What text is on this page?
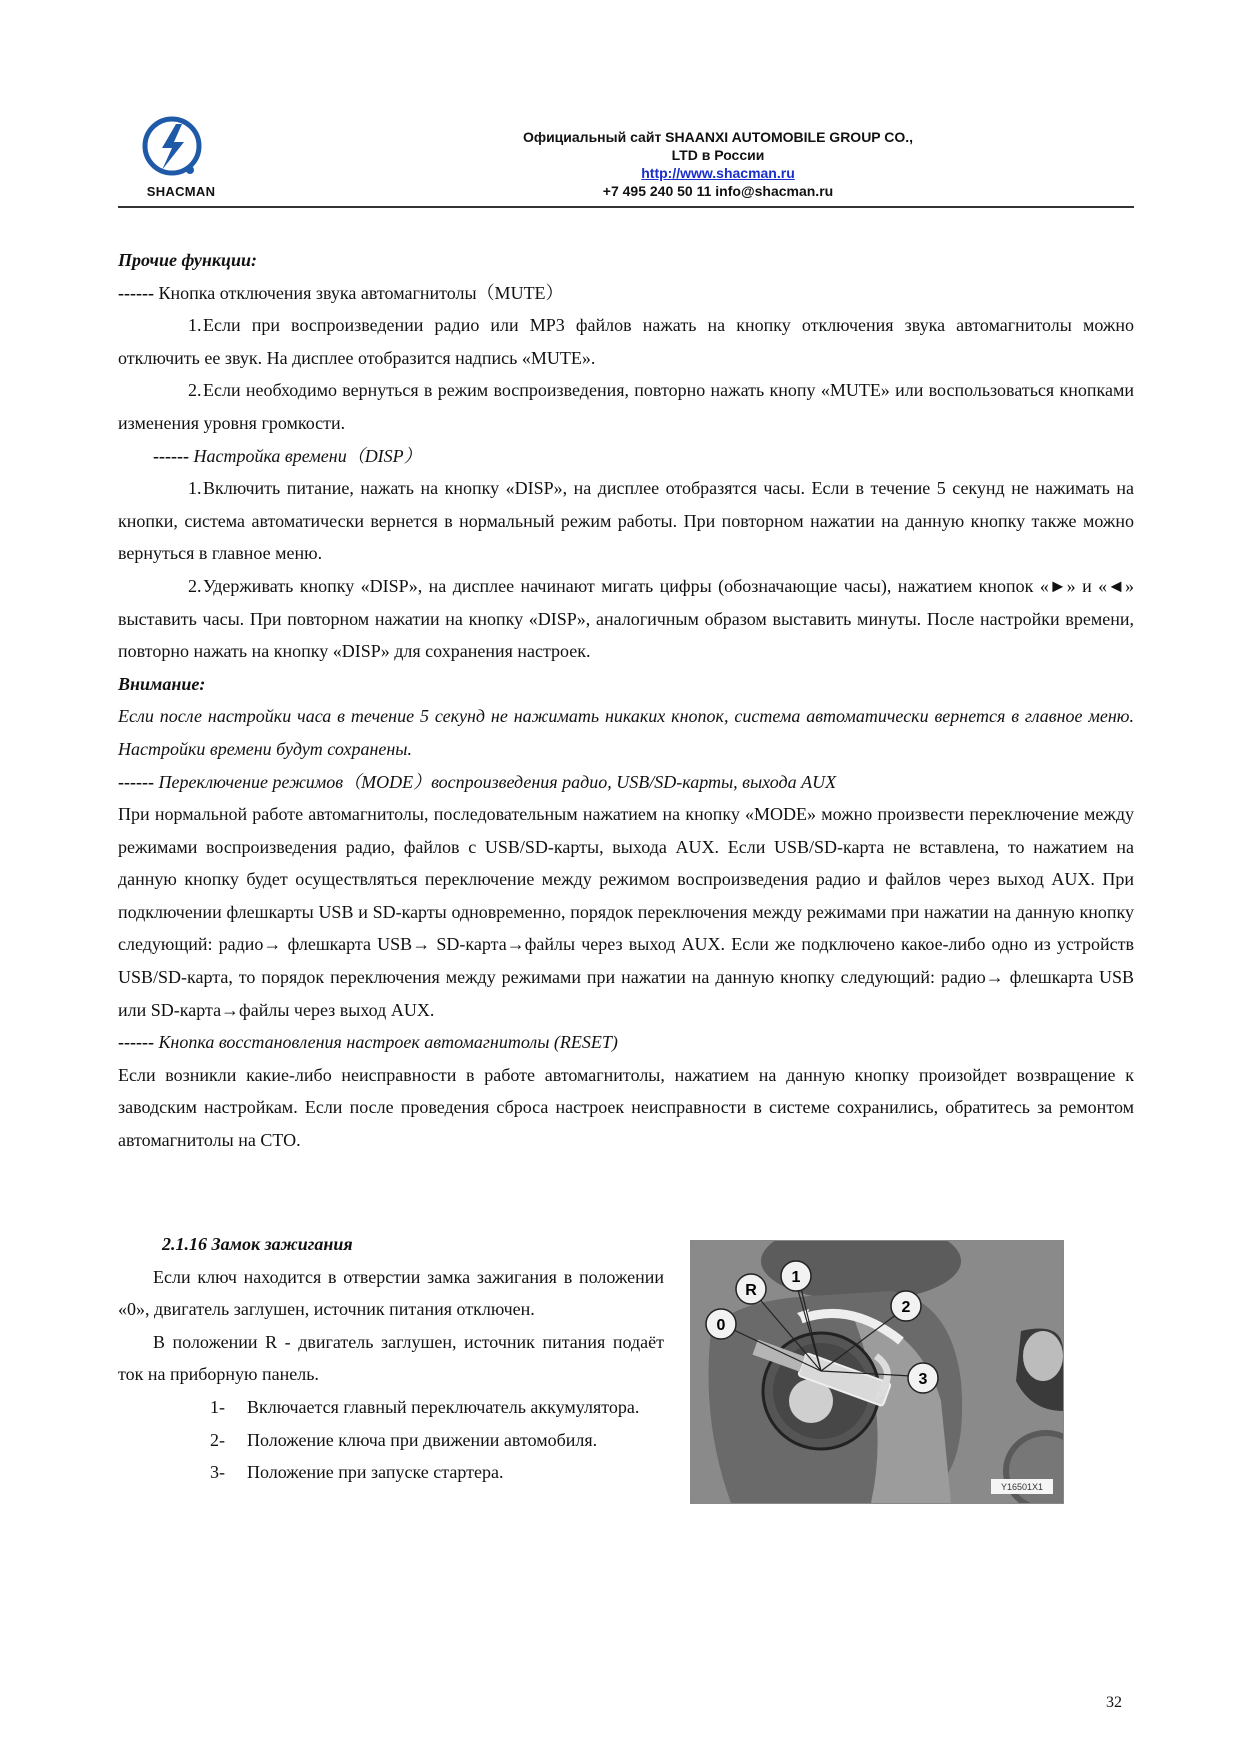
SHACMAN
Официальный сайт SHAANXI AUTOMOBILE GROUP CO.,
LTD в России
http://www.shacman.ru
+7 495 240 50 11 info@shacman.ru

Прочие функции:

------ Кнопка отключения звука автомагнитолы（MUTE）

1.Если при воспроизведении радио или MP3 файлов нажать на кнопку отключения звука автомагнитолы можно отключить ее звук. На дисплее отобразится надпись «MUTE».

2.Если необходимо вернуться в режим воспроизведения, повторно нажать кнопу «MUTE» или воспользоваться кнопками изменения уровня громкости.

------ Настройка времени（DISP）

1.Включить питание, нажать на кнопку «DISP», на дисплее отобразятся часы. Если в течение 5 секунд не нажимать на кнопки, система автоматически вернется в нормальный режим работы. При повторном нажатии на данную кнопку также можно вернуться в главное меню.

2.Удерживать кнопку «DISP», на дисплее начинают мигать цифры (обозначающие часы), нажатием кнопок «►» и «◄» выставить часы. При повторном нажатии на кнопку «DISP», аналогичным образом выставить минуты. После настройки времени, повторно нажать на кнопку «DISP» для сохранения настроек.

Внимание:

Если после настройки часа в течение 5 секунд не нажимать никаких кнопок, система автоматически вернется в главное меню. Настройки времени будут сохранены.

------ Переключение режимов（MODE）воспроизведения радио, USB/SD-карты, выхода AUX

При нормальной работе автомагнитолы, последовательным нажатием на кнопку «MODE» можно произвести переключение между режимами воспроизведения радио, файлов с USB/SD-карты, выхода AUX. Если USB/SD-карта не вставлена, то нажатием на данную кнопку будет осуществляться переключение между режимом воспроизведения радио и файлов через выход AUX. При подключении флешкарты USB и SD-карты одновременно, порядок переключения между режимами при нажатии на данную кнопку следующий: радио→ флешкарта USB→ SD-карта→файлы через выход AUX. Если же подключено какое-либо одно из устройств USB/SD-карта, то порядок переключения между режимами при нажатии на данную кнопку следующий: радио→ флешкарта USB или SD-карта→файлы через выход AUX.

------ Кнопка восстановления настроек автомагнитолы (RESET)

Если возникли какие-либо неисправности в работе автомагнитолы, нажатием на данную кнопку произойдет возвращение к заводским настройкам. Если после проведения сброса настроек неисправности в системе сохранились, обратитесь за ремонтом автомагнитолы на СТО.

2.1.16 Замок зажигания

Если ключ находится в отверстии замка зажигания в положении «0», двигатель заглушен, источник питания отключен.

В положении R - двигатель заглушен, источник питания подаёт ток на приборную панель.

1-	Включается главный переключатель аккумулятора.
2-	Положение ключа при движении автомобиля.
3-	Положение при запуске стартера.
0
R
1
2
3
Y16501X1
32
